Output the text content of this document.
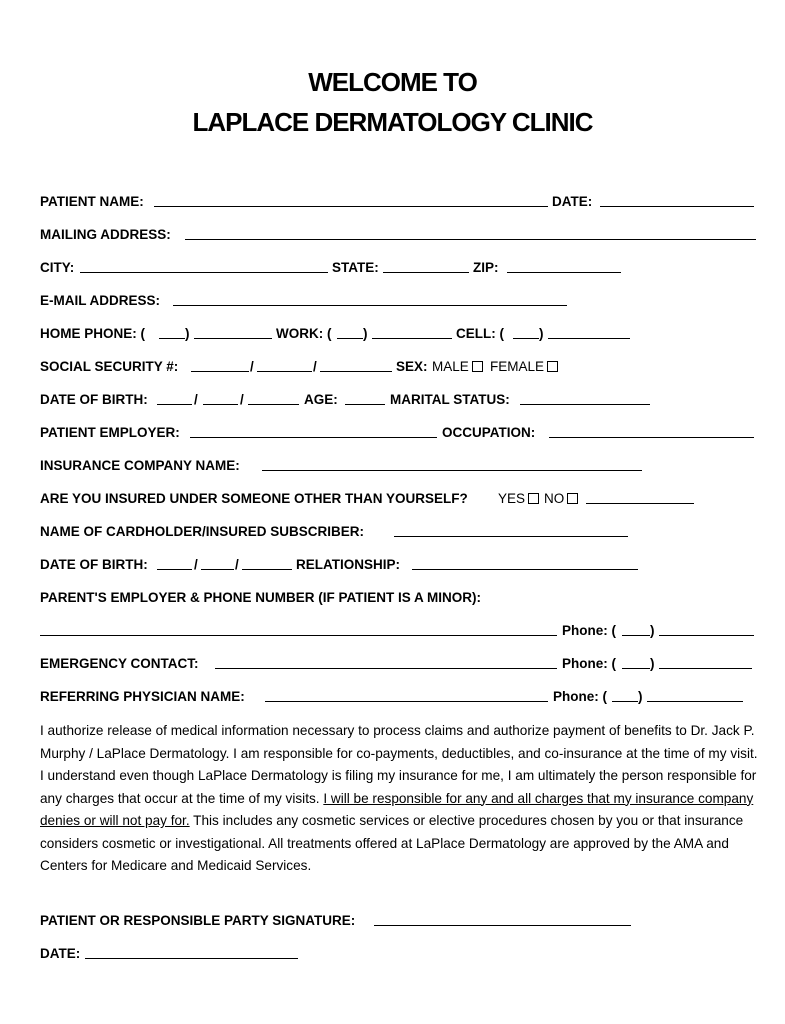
WELCOME TO
LAPLACE DERMATOLOGY CLINIC
PATIENT NAME:	DATE:
MAILING ADDRESS:
CITY:	STATE:	ZIP:
E-MAIL ADDRESS:
HOME PHONE: (	)	WORK: ( )	CELL: (	)
SOCIAL SECURITY #:	/	/	SEX: MALE	FEMALE
DATE OF BIRTH:	/	/	AGE:	MARITAL STATUS:
PATIENT EMPLOYER:	OCCUPATION:
INSURANCE COMPANY NAME:
ARE YOU INSURED UNDER SOMEONE OTHER THAN YOURSELF? YES	NO
NAME OF CARDHOLDER/INSURED SUBSCRIBER:
DATE OF BIRTH:	/	/	RELATIONSHIP:
PARENT'S EMPLOYER & PHONE NUMBER (IF PATIENT IS A MINOR):
Phone: (	)
EMERGENCY CONTACT:	Phone: (	)
REFERRING PHYSICIAN NAME:	Phone: ( )
I authorize release of medical information necessary to process claims and authorize payment of benefits to Dr. Jack P. Murphy / LaPlace Dermatology. I am responsible for co-payments, deductibles, and co-insurance at the time of my visit. I understand even though LaPlace Dermatology is filing my insurance for me, I am ultimately the person responsible for any charges that occur at the time of my visits. I will be responsible for any and all charges that my insurance company denies or will not pay for. This includes any cosmetic services or elective procedures chosen by you or that insurance considers cosmetic or investigational. All treatments offered at LaPlace Dermatology are approved by the AMA and Centers for Medicare and Medicaid Services.
PATIENT OR RESPONSIBLE PARTY SIGNATURE:
DATE:
